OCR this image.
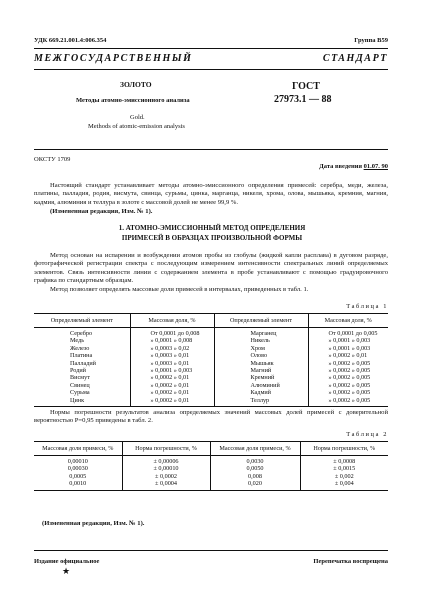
УДК 669.21.001.4:006.354	Группа В59
МЕЖГОСУДАРСТВЕННЫЙ СТАНДАРТ
ЗОЛОТО
Методы атомно-эмиссионного анализа
Gold.
Methods of atomic-emission analysis
ГОСТ
27973.1 — 88
ОКСТУ 1709
Дата введения 01.07. 90
Настоящий стандарт устанавливает методы атомно-эмиссионного определения примесей: серебра, меди, железа, платины, палладия, родия, висмута, свинца, сурьмы, цинка, марганца, никеля, хрома, олова, мышьяка, кремния, магния, кадмия, алюминия и теллура в золоте с массовой долей не менее 99,9 %.
(Измененная редакция, Изм. № 1).
1. АТОМНО-ЭМИССИОННЫЙ МЕТОД ОПРЕДЕЛЕНИЯ ПРИМЕСЕЙ В ОБРАЗЦАХ ПРОИЗВОЛЬНОЙ ФОРМЫ
Метод основан на испарении и возбуждении атомов пробы из глобулы (жидкой капли расплава) в дуговом разряде, фотографической регистрации спектра с последующим измерением интенсивности спектральных линий определяемых элементов. Связь интенсивности линии с содержанием элемента в пробе устанавливают с помощью градуировочного графика по стандартным образцам.
Метод позволяет определять массовые доли примесей в интервалах, приведенных в табл. 1.
Таблица 1
Определяемый элемент	Массовая доля, %	Определяемый элемент	Массовая доля, %
Серебро	От 0,0001 до 0,008	Марганец	От 0,0001 до 0,005
Медь	» 0,0001 » 0,008	Никель	» 0,0001 » 0,003
Железо	» 0,0003 » 0,02	Хром	» 0,0001 » 0,003
Платина	» 0,0003 » 0,01	Олово	» 0,0002 » 0,01
Палладий	» 0,0003 » 0,01	Мышьяк	» 0,0002 » 0,005
Родий	» 0,0001 » 0,003	Магний	» 0,0002 » 0,005
Висмут	» 0,0002 » 0,01	Кремний	» 0,0002 » 0,005
Свинец	» 0,0002 » 0,01	Алюминий	» 0,0002 » 0,005
Сурьма	» 0,0002 » 0,01	Кадмий	» 0,0002 » 0,005
Цинк	» 0,0002 » 0,01	Теллур	» 0,0002 » 0,005
Нормы погрешности результатов анализа определяемых значений массовых долей примесей с доверительной вероятностью P=0,95 приведены в табл. 2.
Таблица 2
Массовая доля примеси, %	Норма погрешности, %	Массовая доля примеси, %	Норма погрешности, %
0,00010	± 0,00006	0,0030	± 0,0008
0,00030	± 0,00010	0,0050	± 0,0015
0,0005	± 0,0002	0,008	± 0,002
0,0010	± 0,0004	0,020	± 0,004
(Измененная редакция, Изм. № 1).
Издание официальное	Перепечатка воспрещена
★
